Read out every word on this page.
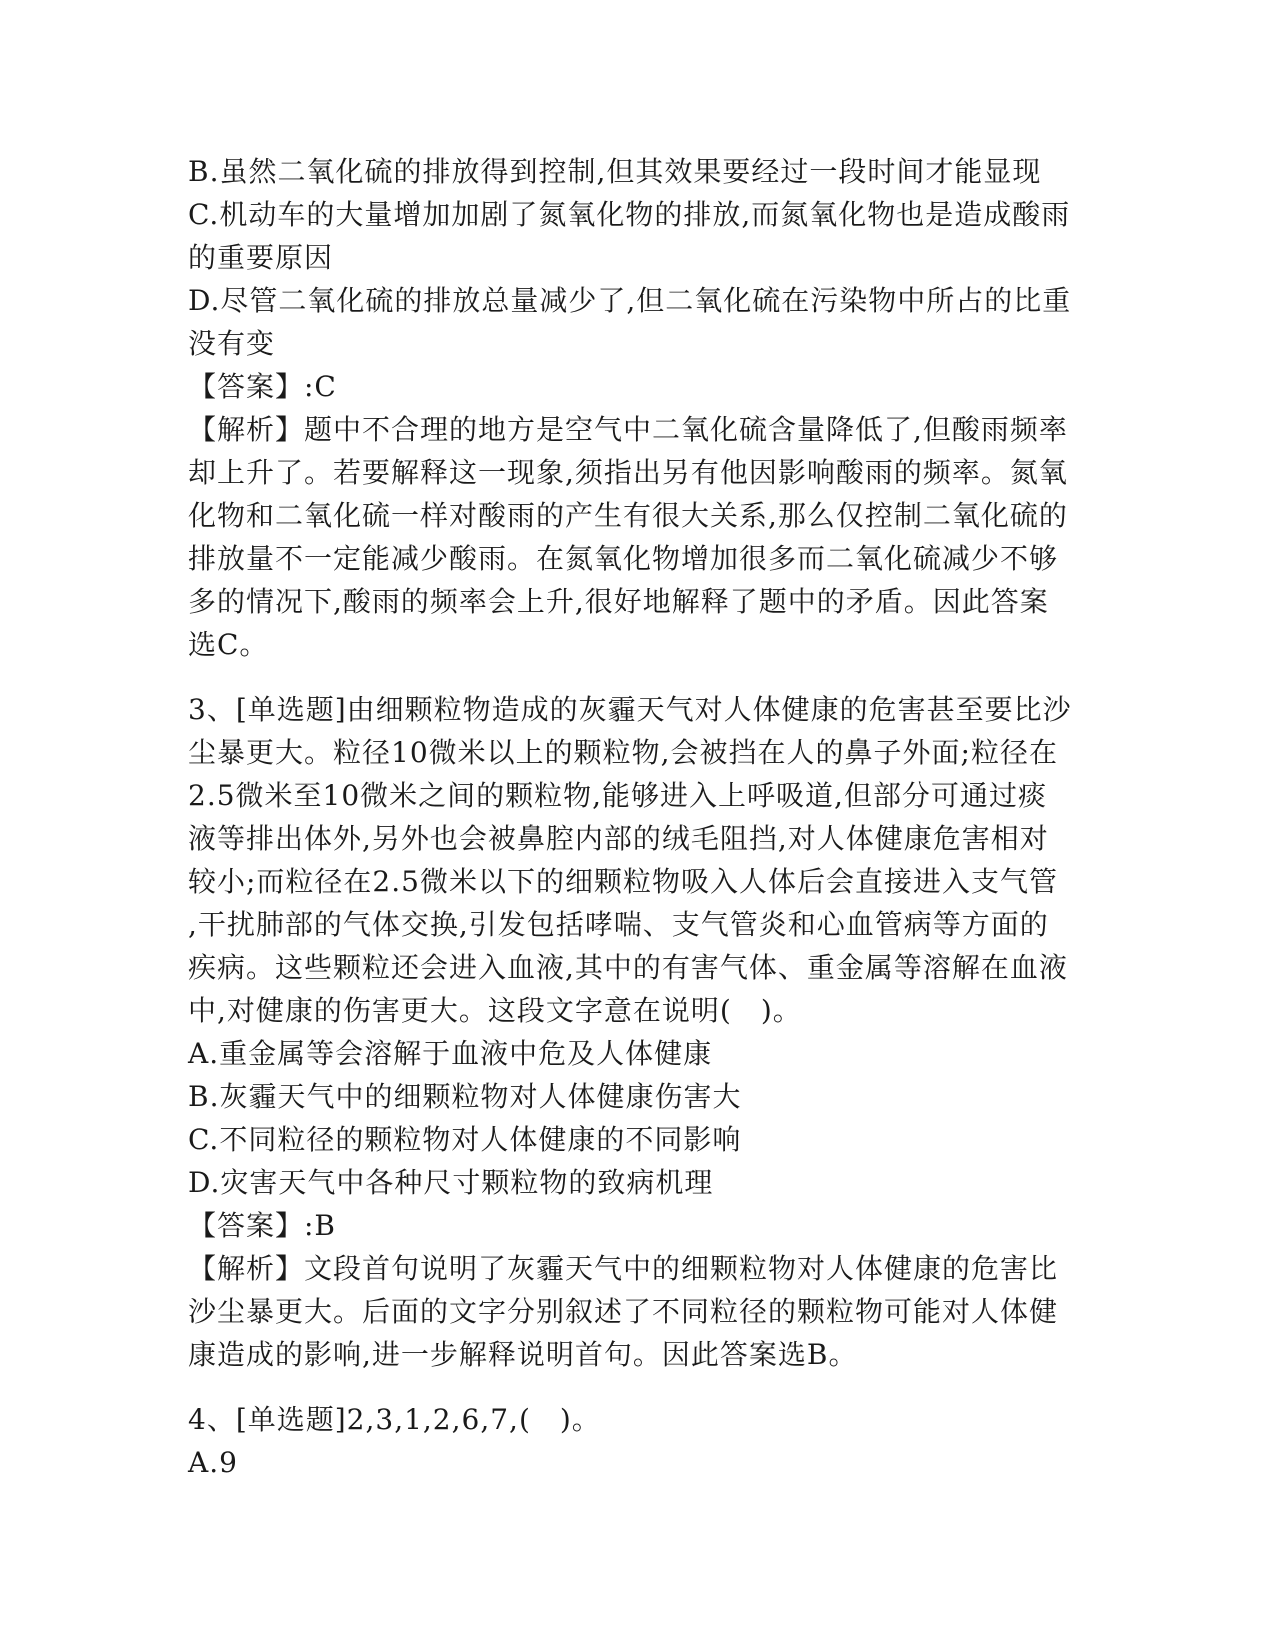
B.虽然二氧化硫的排放得到控制,但其效果要经过一段时间才能显现
C.机动车的大量增加加剧了氮氧化物的排放,而氮氧化物也是造成酸雨
的重要原因
D.尽管二氧化硫的排放总量减少了,但二氧化硫在污染物中所占的比重
没有变
【答案】:C
【解析】题中不合理的地方是空气中二氧化硫含量降低了,但酸雨频率
却上升了。若要解释这一现象,须指出另有他因影响酸雨的频率。氮氧
化物和二氧化硫一样对酸雨的产生有很大关系,那么仅控制二氧化硫的
排放量不一定能减少酸雨。在氮氧化物增加很多而二氧化硫减少不够
多的情况下,酸雨的频率会上升,很好地解释了题中的矛盾。因此答案
选C。
3、[单选题]由细颗粒物造成的灰霾天气对人体健康的危害甚至要比沙
尘暴更大。粒径10微米以上的颗粒物,会被挡在人的鼻子外面;粒径在
2.5微米至10微米之间的颗粒物,能够进入上呼吸道,但部分可通过痰
液等排出体外,另外也会被鼻腔内部的绒毛阻挡,对人体健康危害相对
较小;而粒径在2.5微米以下的细颗粒物吸入人体后会直接进入支气管
,干扰肺部的气体交换,引发包括哮喘、支气管炎和心血管病等方面的
疾病。这些颗粒还会进入血液,其中的有害气体、重金属等溶解在血液
中,对健康的伤害更大。这段文字意在说明(　)。
A.重金属等会溶解于血液中危及人体健康
B.灰霾天气中的细颗粒物对人体健康伤害大
C.不同粒径的颗粒物对人体健康的不同影响
D.灾害天气中各种尺寸颗粒物的致病机理
【答案】:B
【解析】文段首句说明了灰霾天气中的细颗粒物对人体健康的危害比
沙尘暴更大。后面的文字分别叙述了不同粒径的颗粒物可能对人体健
康造成的影响,进一步解释说明首句。因此答案选B。
4、[单选题]2,3,1,2,6,7,(　)。
A.9
